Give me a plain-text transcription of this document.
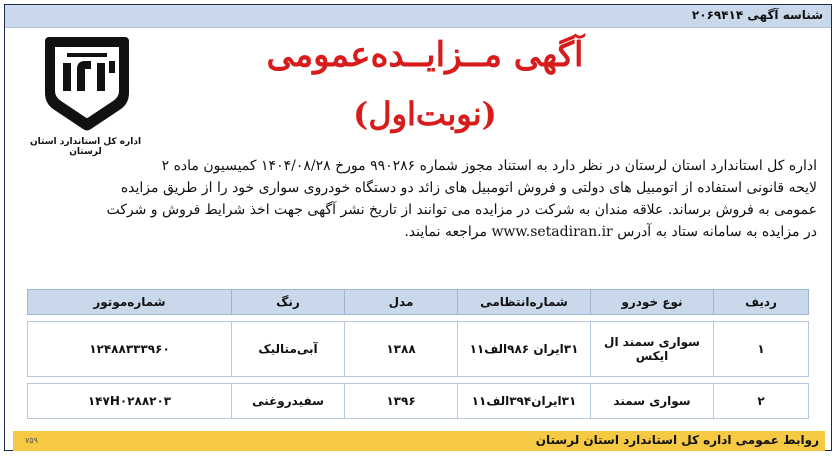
شناسه آگهی ۲۰۶۹۴۱۴
اداره کل استاندارد استان لرستان
آگهی مــزایــده‌عمومی
(نوبت‌اول)
اداره کل استاندارد استان لرستان در نظر دارد به استناد مجوز شماره ۹۹۰۲۸۶ مورخ ۱۴۰۴/۰۸/۲۸ کمیسیون ماده ۲
لایحه قانونی استفاده از اتومبیل های دولتی و فروش اتومبیل های زائد دو دستگاه خودروی سواری خود را از طریق مزایده
عمومی به فروش برساند. علاقه مندان به شرکت در مزایده می توانند از تاریخ نشر آگهی جهت اخذ شرایط فروش و شرکت
در مزایده به سامانه ستاد به آدرس www.setadiran.ir مراجعه نمایند.
ردیف	نوع خودرو	شماره‌انتظامی	مدل	رنگ	شماره‌موتور

۱	سواری سمند ال ایکس	۳۱ایران ۹۸۶الف۱۱	۱۳۸۸	آبی‌متالیک	۱۲۴۸۸۳۳۳۹۶۰

۲	سواری سمند	۳۱ایران۳۹۴الف۱۱	۱۳۹۶	سفیدروغنی	۱۴۷H۰۲۸۸۲۰۳
روابط عمومی اداره کل استاندارد استان لرستان
۷۵۹
